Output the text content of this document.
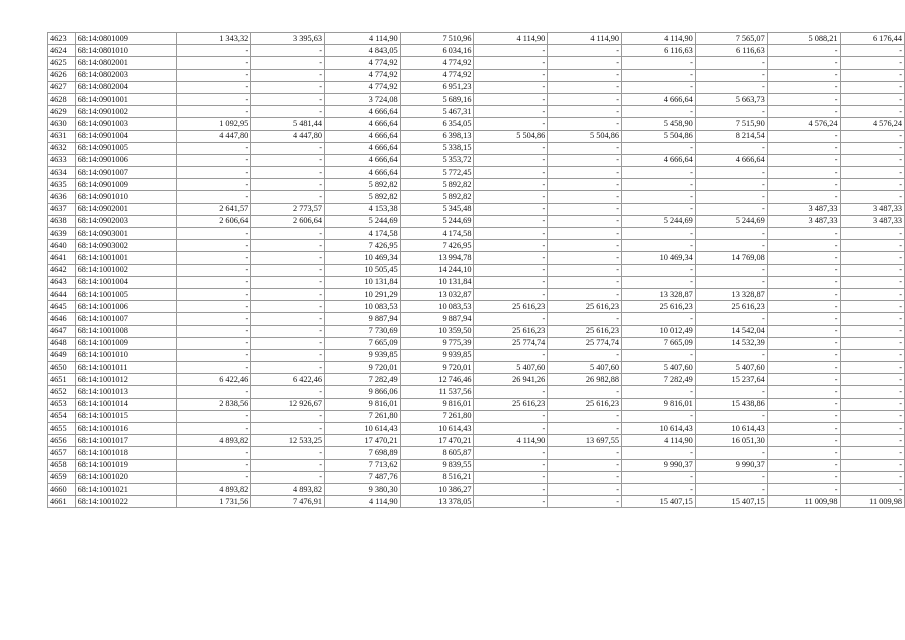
4623	68:14:0801009	1 343,32	3 395,63	4 114,90	7 510,96	4 114,90	4 114,90	4 114,90	7 565,07	5 088,21	6 176,44
4624	68:14:0801010	-	-	4 843,05	6 034,16	-	-	6 116,63	6 116,63	-	-
4625	68:14:0802001	-	-	4 774,92	4 774,92	-	-	-	-	-	-
4626	68:14:0802003	-	-	4 774,92	4 774,92	-	-	-	-	-	-
4627	68:14:0802004	-	-	4 774,92	6 951,23	-	-	-	-	-	-
4628	68:14:0901001	-	-	3 724,08	5 689,16	-	-	4 666,64	5 663,73	-	-
4629	68:14:0901002	-	-	4 666,64	5 467,31	-	-	-	-	-	-
4630	68:14:0901003	1 092,95	5 481,44	4 666,64	6 354,05	-	-	5 458,90	7 515,90	4 576,24	4 576,24
4631	68:14:0901004	4 447,80	4 447,80	4 666,64	6 398,13	5 504,86	5 504,86	5 504,86	8 214,54	-	-
4632	68:14:0901005	-	-	4 666,64	5 338,15	-	-	-	-	-	-
4633	68:14:0901006	-	-	4 666,64	5 353,72	-	-	4 666,64	4 666,64	-	-
4634	68:14:0901007	-	-	4 666,64	5 772,45	-	-	-	-	-	-
4635	68:14:0901009	-	-	5 892,82	5 892,82	-	-	-	-	-	-
4636	68:14:0901010	-	-	5 892,82	5 892,82	-	-	-	-	-	-
4637	68:14:0902001	2 641,57	2 773,57	4 153,38	5 345,48	-	-	-	-	3 487,33	3 487,33
4638	68:14:0902003	2 606,64	2 606,64	5 244,69	5 244,69	-	-	5 244,69	5 244,69	3 487,33	3 487,33
4639	68:14:0903001	-	-	4 174,58	4 174,58	-	-	-	-	-	-
4640	68:14:0903002	-	-	7 426,95	7 426,95	-	-	-	-	-	-
4641	68:14:1001001	-	-	10 469,34	13 994,78	-	-	10 469,34	14 769,08	-	-
4642	68:14:1001002	-	-	10 505,45	14 244,10	-	-	-	-	-	-
4643	68:14:1001004	-	-	10 131,84	10 131,84	-	-	-	-	-	-
4644	68:14:1001005	-	-	10 291,29	13 032,87	-	-	13 328,87	13 328,87	-	-
4645	68:14:1001006	-	-	10 083,53	10 083,53	25 616,23	25 616,23	25 616,23	25 616,23	-	-
4646	68:14:1001007	-	-	9 887,94	9 887,94	-	-	-	-	-	-
4647	68:14:1001008	-	-	7 730,69	10 359,50	25 616,23	25 616,23	10 012,49	14 542,04	-	-
4648	68:14:1001009	-	-	7 665,09	9 775,39	25 774,74	25 774,74	7 665,09	14 532,39	-	-
4649	68:14:1001010	-	-	9 939,85	9 939,85	-	-	-	-	-	-
4650	68:14:1001011	-	-	9 720,01	9 720,01	5 407,60	5 407,60	5 407,60	5 407,60	-	-
4651	68:14:1001012	6 422,46	6 422,46	7 282,49	12 746,46	26 941,26	26 982,88	7 282,49	15 237,64	-	-
4652	68:14:1001013	-	-	9 866,06	11 537,56	-	-	-	-	-	-
4653	68:14:1001014	2 838,56	12 926,67	9 816,01	9 816,01	25 616,23	25 616,23	9 816,01	15 438,86	-	-
4654	68:14:1001015	-	-	7 261,80	7 261,80	-	-	-	-	-	-
4655	68:14:1001016	-	-	10 614,43	10 614,43	-	-	10 614,43	10 614,43	-	-
4656	68:14:1001017	4 893,82	12 533,25	17 470,21	17 470,21	4 114,90	13 697,55	4 114,90	16 051,30	-	-
4657	68:14:1001018	-	-	7 698,89	8 605,87	-	-	-	-	-	-
4658	68:14:1001019	-	-	7 713,62	9 839,55	-	-	9 990,37	9 990,37	-	-
4659	68:14:1001020	-	-	7 487,76	8 516,21	-	-	-	-	-	-
4660	68:14:1001021	4 893,82	4 893,82	9 380,30	10 386,27	-	-	-	-	-	-
4661	68:14:1001022	1 731,56	7 476,91	4 114,90	13 378,05	-	-	15 407,15	15 407,15	11 009,98	11 009,98
